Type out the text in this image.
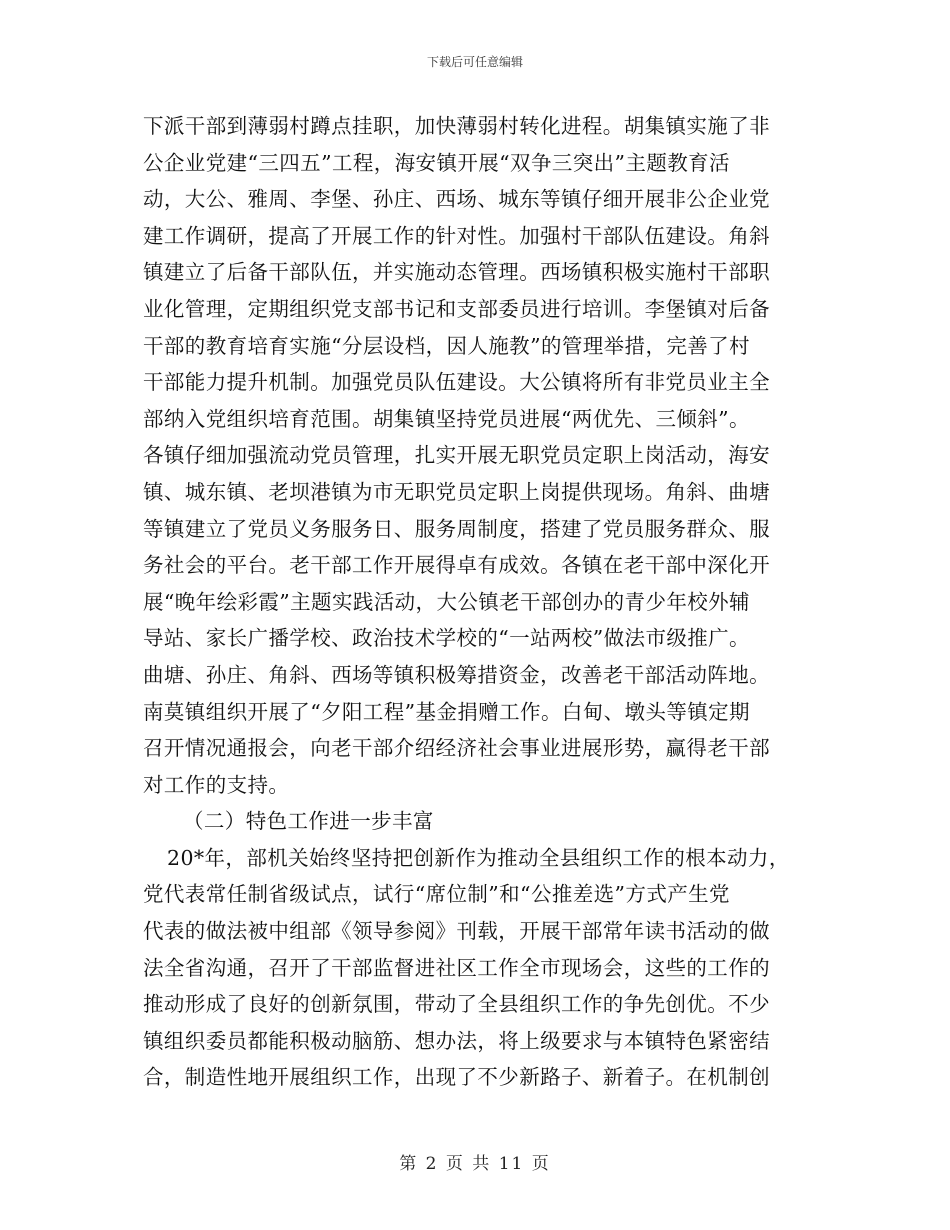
下载后可任意编辑
下派干部到薄弱村蹲点挂职，加快薄弱村转化进程。胡集镇实施了非
公企业党建“三四五”工程，海安镇开展“双争三突出”主题教育活
动，大公、雅周、李堡、孙庄、西场、城东等镇仔细开展非公企业党
建工作调研，提高了开展工作的针对性。加强村干部队伍建设。角斜
镇建立了后备干部队伍，并实施动态管理。西场镇积极实施村干部职
业化管理，定期组织党支部书记和支部委员进行培训。李堡镇对后备
干部的教育培育实施“分层设档，因人施教”的管理举措，完善了村
干部能力提升机制。加强党员队伍建设。大公镇将所有非党员业主全
部纳入党组织培育范围。胡集镇坚持党员进展“两优先、三倾斜”。
各镇仔细加强流动党员管理，扎实开展无职党员定职上岗活动，海安
镇、城东镇、老坝港镇为市无职党员定职上岗提供现场。角斜、曲塘
等镇建立了党员义务服务日、服务周制度，搭建了党员服务群众、服
务社会的平台。老干部工作开展得卓有成效。各镇在老干部中深化开
展“晚年绘彩霞”主题实践活动，大公镇老干部创办的青少年校外辅
导站、家长广播学校、政治技术学校的“一站两校”做法市级推广。
曲塘、孙庄、角斜、西场等镇积极筹措资金，改善老干部活动阵地。
南莫镇组织开展了“夕阳工程”基金捐赠工作。白甸、墩头等镇定期
召开情况通报会，向老干部介绍经济社会事业进展形势，赢得老干部
对工作的支持。
（二）特色工作进一步丰富
20*年，部机关始终坚持把创新作为推动全县组织工作的根本动力，
党代表常任制省级试点，试行“席位制”和“公推差选”方式产生党
代表的做法被中组部《领导参阅》刊载，开展干部常年读书活动的做
法全省沟通，召开了干部监督进社区工作全市现场会，这些的工作的
推动形成了良好的创新氛围，带动了全县组织工作的争先创优。不少
镇组织委员都能积极动脑筋、想办法，将上级要求与本镇特色紧密结
合，制造性地开展组织工作，出现了不少新路子、新着子。在机制创
第 2 页 共 11 页
